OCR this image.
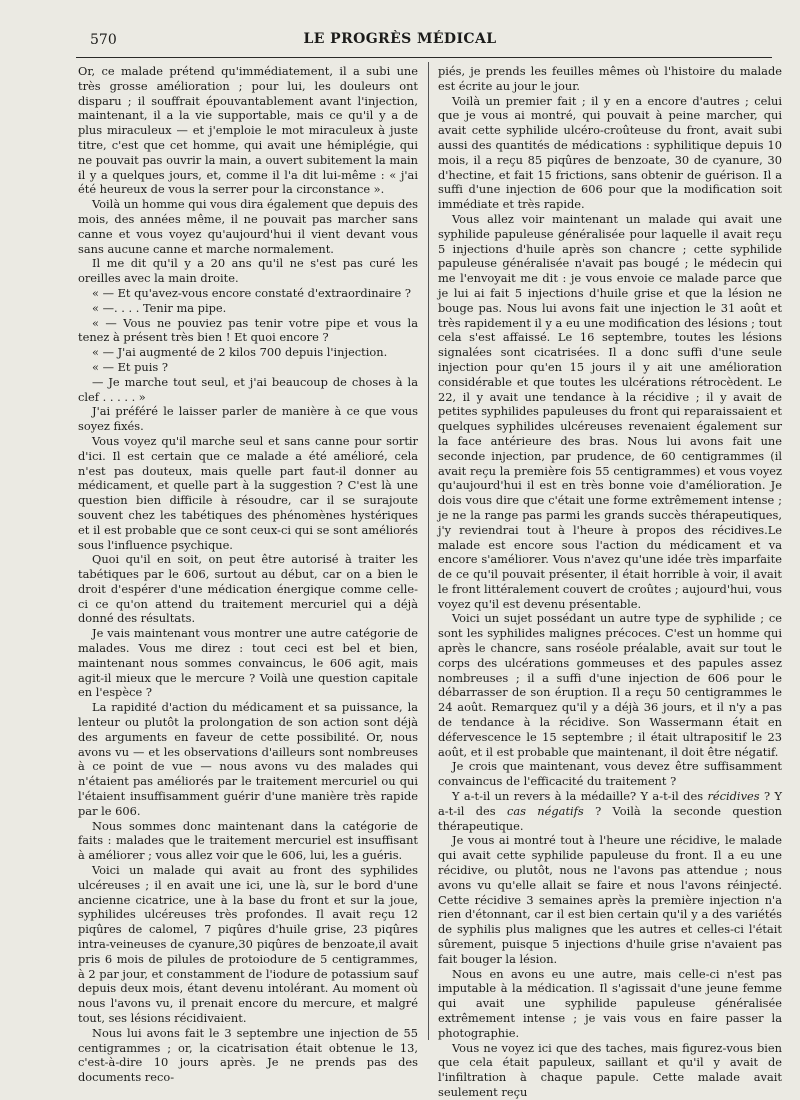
570	LE PROGRÈS MÉDICAL

Or, ce malade prétend qu'immédiatement, il a subi une très grosse amélioration ; pour lui, les douleurs ont disparu ; il souffrait épouvantablement avant l'injection, maintenant, il a la vie supportable, mais ce qu'il y a de plus miraculeux — et j'emploie le mot miraculeux à juste titre, c'est que cet homme, qui avait une hémiplégie, qui ne pouvait pas ouvrir la main, a ouvert subitement la main il y a quelques jours, et, comme il l'a dit lui-même : « j'ai été heureux de vous la serrer pour la circonstance ».

Voilà un homme qui vous dira également que depuis des mois, des années même, il ne pouvait pas marcher sans canne et vous voyez qu'aujourd'hui il vient devant vous sans aucune canne et marche normalement.

Il me dit qu'il y a 20 ans qu'il ne s'est pas curé les oreilles avec la main droite.

« — Et qu'avez-vous encore constaté d'extraordinaire ?

« —. . . . Tenir ma pipe.

« — Vous ne pouviez pas tenir votre pipe et vous la tenez à présent très bien ! Et quoi encore ?

« — J'ai augmenté de 2 kilos 700 depuis l'injection.

« — Et puis ?

— Je marche tout seul, et j'ai beaucoup de choses à la clef . . . . . »

J'ai préféré le laisser parler de manière à ce que vous soyez fixés.

Vous voyez qu'il marche seul et sans canne pour sortir d'ici. Il est certain que ce malade a été amélioré, cela n'est pas douteux, mais quelle part faut-il donner au médicament, et quelle part à la suggestion ? C'est là une question bien difficile à résoudre, car il se surajoute souvent chez les tabétiques des phénomènes hystériques et il est probable que ce sont ceux-ci qui se sont améliorés sous l'influence psychique.

Quoi qu'il en soit, on peut être autorisé à traiter les tabétiques par le 606, surtout au début, car on a bien le droit d'espérer d'une médication énergique comme celle-ci ce qu'on attend du traitement mercuriel qui a déjà donné des résultats.

Je vais maintenant vous montrer une autre catégorie de malades. Vous me direz : tout ceci est bel et bien, maintenant nous sommes convaincus, le 606 agit, mais agit-il mieux que le mercure ? Voilà une question capitale en l'espèce ?

La rapidité d'action du médicament et sa puissance, la lenteur ou plutôt la prolongation de son action sont déjà des arguments en faveur de cette possibilité. Or, nous avons vu — et les observations d'ailleurs sont nombreuses à ce point de vue — nous avons vu des malades qui n'étaient pas améliorés par le traitement mercuriel ou qui l'étaient insuffisamment guérir d'une manière très rapide par le 606.

Nous sommes donc maintenant dans la catégorie de faits : malades que le traitement mercuriel est insuffisant à améliorer ; vous allez voir que le 606, lui, les a guéris.

Voici un malade qui avait au front des syphilides ulcéreuses ; il en avait une ici, une là, sur le bord d'une ancienne cicatrice, une à la base du front et sur la joue, syphilides ulcéreuses très profondes. Il avait reçu 12 piqûres de calomel, 7 piqûres d'huile grise, 23 piqûres intra-veineuses de cyanure,30 piqûres de benzoate,il avait pris 6 mois de pilules de protoiodure de 5 centigrammes, à 2 par jour, et constamment de l'iodure de potassium sauf depuis deux mois, étant devenu intolérant. Au moment où nous l'avons vu, il prenait encore du mercure, et malgré tout, ses lésions récidivaient.

Nous lui avons fait le 3 septembre une injection de 55 centigrammes ; or, la cicatrisation était obtenue le 13, c'est-à-dire 10 jours après. Je ne prends pas des documents reco-

piés, je prends les feuilles mêmes où l'histoire du malade est écrite au jour le jour.

Voilà un premier fait ; il y en a encore d'autres ; celui que je vous ai montré, qui pouvait à peine marcher, qui avait cette syphilide ulcéro-croûteuse du front, avait subi aussi des quantités de médications : syphilitique depuis 10 mois, il a reçu 85 piqûres de benzoate, 30 de cyanure, 30 d'hectine, et fait 15 frictions, sans obtenir de guérison. Il a suffi d'une injection de 606 pour que la modification soit immédiate et très rapide.

Vous allez voir maintenant un malade qui avait une syphilide papuleuse généralisée pour laquelle il avait reçu 5 injections d'huile après son chancre ; cette syphilide papuleuse généralisée n'avait pas bougé ; le médecin qui me l'envoyait me dit : je vous envoie ce malade parce que je lui ai fait 5 injections d'huile grise et que la lésion ne bouge pas. Nous lui avons fait une injection le 31 août et très rapidement il y a eu une modification des lésions ; tout cela s'est affaissé. Le 16 septembre, toutes les lésions signalées sont cicatrisées. Il a donc suffi d'une seule injection pour qu'en 15 jours il y ait une amélioration considérable et que toutes les ulcérations rétrocèdent. Le 22, il y avait une tendance à la récidive ; il y avait de petites syphilides papuleuses du front qui reparaissaient et quelques syphilides ulcéreuses revenaient également sur la face antérieure des bras. Nous lui avons fait une seconde injection, par prudence, de 60 centigrammes (il avait reçu la première fois 55 centigrammes) et vous voyez qu'aujourd'hui il est en très bonne voie d'amélioration. Je dois vous dire que c'était une forme extrêmement intense ; je ne la range pas parmi les grands succès thérapeutiques, j'y reviendrai tout à l'heure à propos des récidives.Le malade est encore sous l'action du médicament et va encore s'améliorer. Vous n'avez qu'une idée très imparfaite de ce qu'il pouvait présenter, il était horrible à voir, il avait le front littéralement couvert de croûtes ; aujourd'hui, vous voyez qu'il est devenu présentable.

Voici un sujet possédant un autre type de syphilide ; ce sont les syphilides malignes précoces. C'est un homme qui après le chancre, sans roséole préalable, avait sur tout le corps des ulcérations gommeuses et des papules assez nombreuses ; il a suffi d'une injection de 606 pour le débarrasser de son éruption. Il a reçu 50 centigrammes le 24 août. Remarquez qu'il y a déjà 36 jours, et il n'y a pas de tendance à la récidive. Son Wassermann était en défervescence le 15 septembre ; il était ultrapositif le 23 août, et il est probable que maintenant, il doit être négatif.

Je crois que maintenant, vous devez être suffisamment convaincus de l'efficacité du traitement ?

Y a-t-il un revers à la médaille? Y a-t-il des récidives ? Y a-t-il des cas négatifs ? Voilà la seconde question thérapeutique.

Je vous ai montré tout à l'heure une récidive, le malade qui avait cette syphilide papuleuse du front. Il a eu une récidive, ou plutôt, nous ne l'avons pas attendue ; nous avons vu qu'elle allait se faire et nous l'avons réinjecté. Cette récidive 3 semaines après la première injection n'a rien d'étonnant, car il est bien certain qu'il y a des variétés de syphilis plus malignes que les autres et celles-ci l'était sûrement, puisque 5 injections d'huile grise n'avaient pas fait bouger la lésion.

Nous en avons eu une autre, mais celle-ci n'est pas imputable à la médication. Il s'agissait d'une jeune femme qui avait une syphilide papuleuse généralisée extrêmement intense ; je vais vous en faire passer la photographie.

Vous ne voyez ici que des taches, mais figurez-vous bien que cela était papuleux, saillant et qu'il y avait de l'infiltration à chaque papule. Cette malade avait seulement reçu
